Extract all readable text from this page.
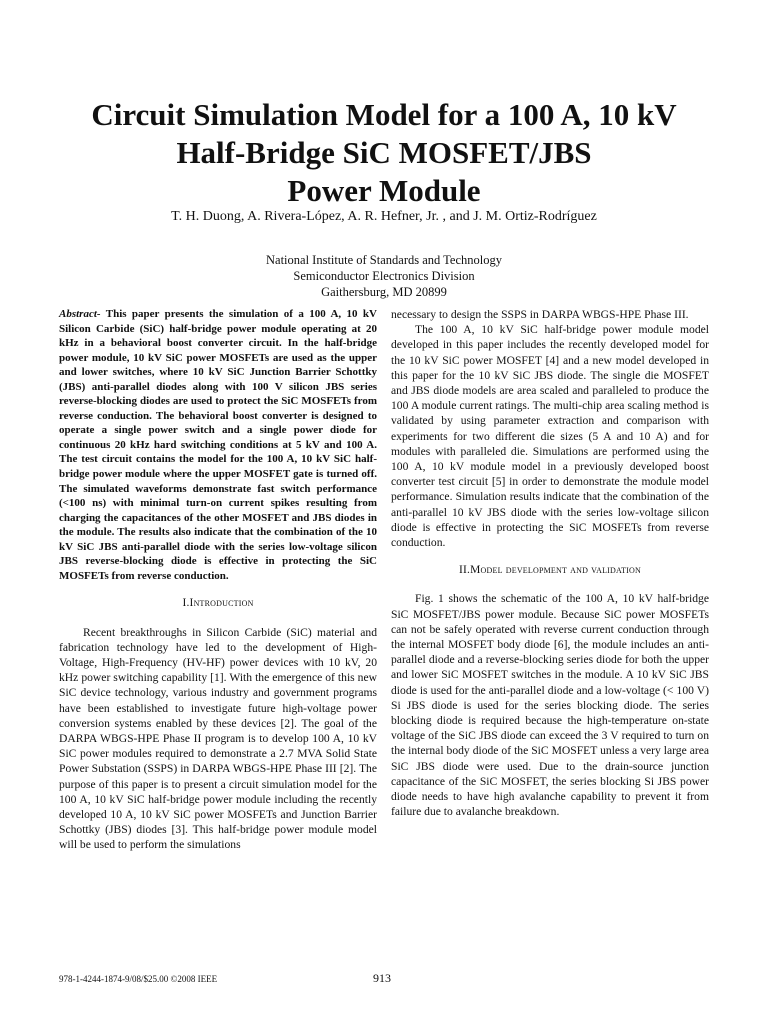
Circuit Simulation Model for a 100 A, 10 kV
Half-Bridge SiC MOSFET/JBS
Power Module
T. H. Duong, A. Rivera-López, A. R. Hefner, Jr. , and J. M. Ortiz-Rodríguez
National Institute of Standards and Technology
Semiconductor Electronics Division
Gaithersburg, MD 20899

Abstract- This paper presents the simulation of a 100 A, 10 kV Silicon Carbide (SiC) half-bridge power module operating at 20 kHz in a behavioral boost converter circuit. In the half-bridge power module, 10 kV SiC power MOSFETs are used as the upper and lower switches, where 10 kV SiC Junction Barrier Schottky (JBS) anti-parallel diodes along with 100 V silicon JBS series reverse-blocking diodes are used to protect the SiC MOSFETs from reverse conduction. The behavioral boost converter is designed to operate a single power switch and a single power diode for continuous 20 kHz hard switching conditions at 5 kV and 100 A. The test circuit contains the model for the 100 A, 10 kV SiC half-bridge power module where the upper MOSFET gate is turned off. The simulated waveforms demonstrate fast switch performance (<100 ns) with minimal turn-on current spikes resulting from charging the capacitances of the other MOSFET and JBS diodes in the module. The results also indicate that the combination of the 10 kV SiC JBS anti-parallel diode with the series low-voltage silicon JBS reverse-blocking diode is effective in protecting the SiC MOSFETs from reverse conduction.

I.Introduction

Recent breakthroughs in Silicon Carbide (SiC) material and fabrication technology have led to the development of High-Voltage, High-Frequency (HV-HF) power devices with 10 kV, 20 kHz power switching capability [1]. With the emergence of this new SiC device technology, various industry and government programs have been established to investigate future high-voltage power conversion systems enabled by these devices [2]. The goal of the DARPA WBGS-HPE Phase II program is to develop 100 A, 10 kV SiC power modules required to demonstrate a 2.7 MVA Solid State Power Substation (SSPS) in DARPA WBGS-HPE Phase III [2]. The purpose of this paper is to present a circuit simulation model for the 100 A, 10 kV SiC half-bridge power module including the recently developed 10 A, 10 kV SiC power MOSFETs and Junction Barrier Schottky (JBS) diodes [3]. This half-bridge power module model will be used to perform the simulations

necessary to design the SSPS in DARPA WBGS-HPE Phase III.

The 100 A, 10 kV SiC half-bridge power module model developed in this paper includes the recently developed model for the 10 kV SiC power MOSFET [4] and a new model developed in this paper for the 10 kV SiC JBS diode. The single die MOSFET and JBS diode models are area scaled and paralleled to produce the 100 A module current ratings. The multi-chip area scaling method is validated by using parameter extraction and comparison with experiments for two different die sizes (5 A and 10 A) and for modules with paralleled die. Simulations are performed using the 100 A, 10 kV module model in a previously developed boost converter test circuit [5] in order to demonstrate the module model performance. Simulation results indicate that the combination of the anti-parallel 10 kV JBS diode with the series low-voltage silicon diode is effective in protecting the SiC MOSFETs from reverse conduction.

II.Model development and validation

Fig. 1 shows the schematic of the 100 A, 10 kV half-bridge SiC MOSFET/JBS power module. Because SiC power MOSFETs can not be safely operated with reverse current conduction through the internal MOSFET body diode [6], the module includes an anti-parallel diode and a reverse-blocking series diode for both the upper and lower SiC MOSFET switches in the module. A 10 kV SiC JBS diode is used for the anti-parallel diode and a low-voltage (< 100 V) Si JBS diode is used for the series blocking diode. The series blocking diode is required because the high-temperature on-state voltage of the SiC JBS diode can exceed the 3 V required to turn on the internal body diode of the SiC MOSFET unless a very large area SiC JBS diode were used. Due to the drain-source junction capacitance of the SiC MOSFET, the series blocking Si JBS power diode needs to have high avalanche capability to prevent it from failure due to avalanche breakdown.

978-1-4244-1874-9/08/$25.00 ©2008 IEEE	913
